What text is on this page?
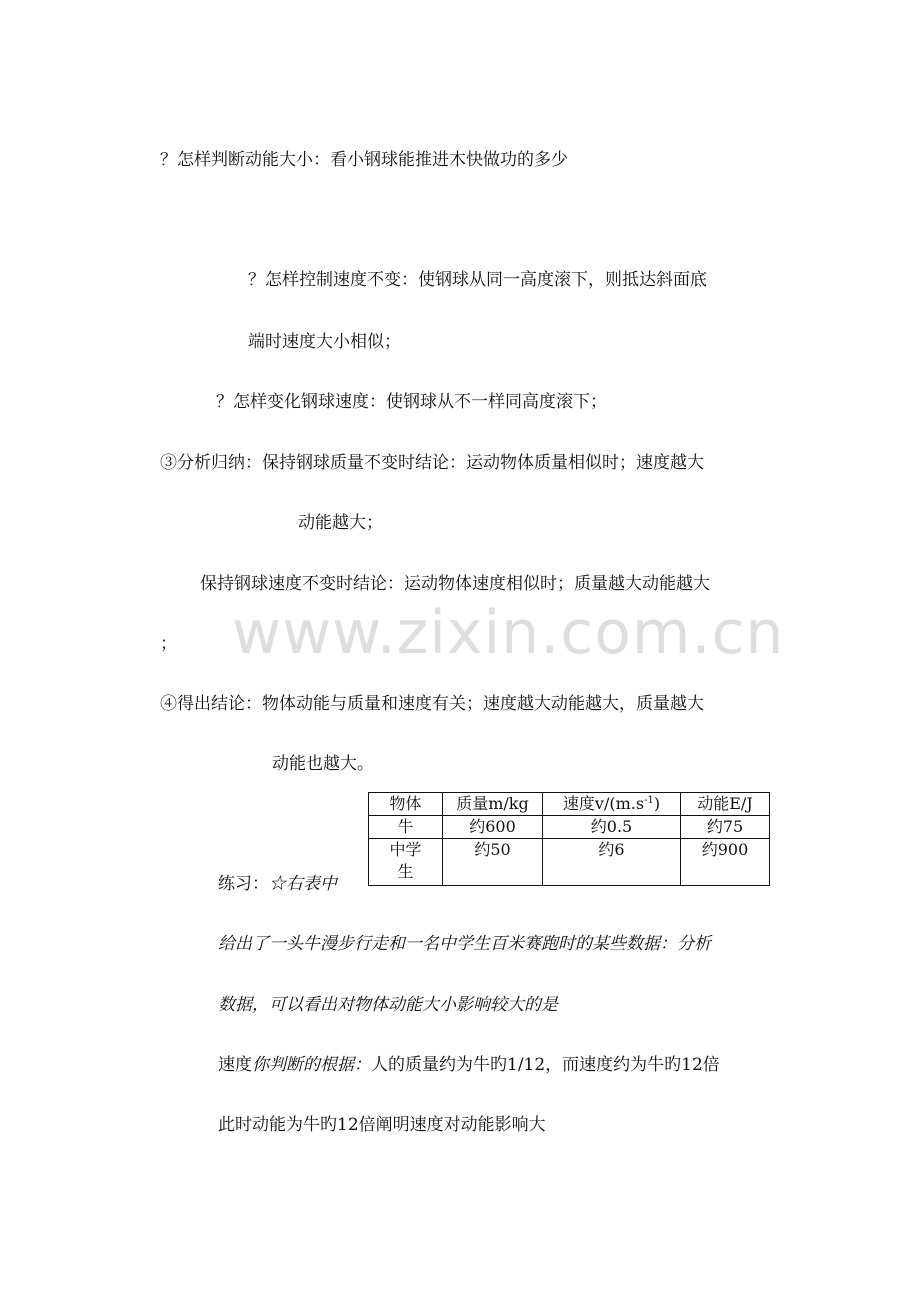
www.zixin.com.cn
？怎样判断动能大小：看小钢球能推进木快做功的多少
？怎样控制速度不变：使钢球从同一高度滚下，则抵达斜面底
端时速度大小相似；
？怎样变化钢球速度：使钢球从不一样同高度滚下；
③分析归纳：保持钢球质量不变时结论：运动物体质量相似时；速度越大
动能越大；
保持钢球速度不变时结论：运动物体速度相似时；质量越大动能越大
；
④得出结论：物体动能与质量和速度有关；速度越大动能越大，质量越大
动能也越大。
物体	质量m/kg	速度$v/(m.s^{-1})$	动能E/J
牛	约600	约0.5	约75

中学
生	约50	约6	约900
练习：☆右表中
给出了一头牛漫步行走和一名中学生百米赛跑时的某些数据：分析
数据，可以看出对物体动能大小影响较大的是
速度你判断的根据：人的质量约为牛旳1/12，而速度约为牛旳12倍
此时动能为牛旳12倍阐明速度对动能影响大
